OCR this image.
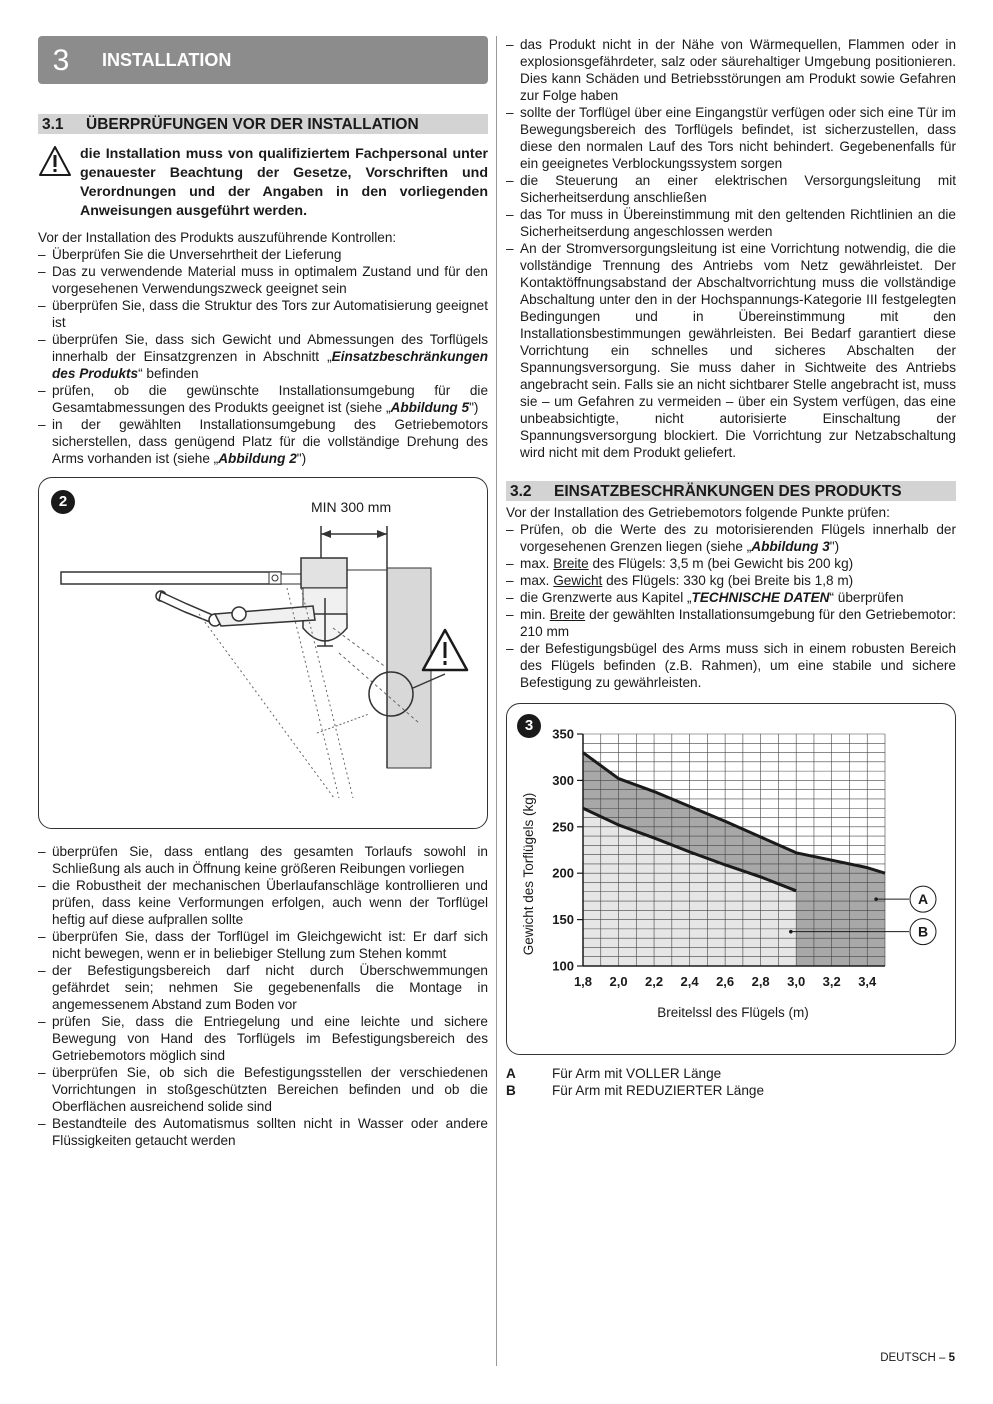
3	INSTALLATION
3.1	ÜBERPRÜFUNGEN VOR DER INSTALLATION
die Installation muss von qualifiziertem Fachpersonal unter genauester Beachtung der Gesetze, Vorschriften und Verordnungen und der Angaben in den vorliegenden Anweisungen ausgeführt werden.

Vor der Installation des Produkts auszuführende Kontrollen:

– Überprüfen Sie die Unversehrtheit der Lieferung
– Das zu verwendende Material muss in optimalem Zustand und für den vorgesehenen Verwendungszweck geeignet sein
– überprüfen Sie, dass die Struktur des Tors zur Automatisierung geeignet ist
– überprüfen Sie, dass sich Gewicht und Abmessungen des Torflügels innerhalb der Einsatzgrenzen in Abschnitt „Einsatzbeschränkungen des Produkts“ befinden
– prüfen, ob die gewünschte Installationsumgebung für die Gesamtabmessungen des Produkts geeignet ist (siehe „Abbildung 5")
– in der gewählten Installationsumgebung des Getriebemotors sicherstellen, dass genügend Platz für die vollständige Drehung des Arms vorhanden ist (siehe „Abbildung 2")
2	MIN 300 mm
– überprüfen Sie, dass entlang des gesamten Torlaufs sowohl in Schließung als auch in Öffnung keine größeren Reibungen vorliegen
– die Robustheit der mechanischen Überlaufanschläge kontrollieren und prüfen, dass keine Verformungen erfolgen, auch wenn der Torflügel heftig auf diese aufprallen sollte
– überprüfen Sie, dass der Torflügel im Gleichgewicht ist: Er darf sich nicht bewegen, wenn er in beliebiger Stellung zum Stehen kommt
– der Befestigungsbereich darf nicht durch Überschwemmungen gefährdet sein; nehmen Sie gegebenenfalls die Montage in angemessenem Abstand zum Boden vor
– prüfen Sie, dass die Entriegelung und eine leichte und sichere Bewegung von Hand des Torflügels im Befestigungsbereich des Getriebemotors möglich sind
– überprüfen Sie, ob sich die Befestigungsstellen der verschiedenen Vorrichtungen in stoßgeschützten Bereichen befinden und ob die Oberflächen ausreichend solide sind
– Bestandteile des Automatismus sollten nicht in Wasser oder andere Flüssigkeiten getaucht werden
– das Produkt nicht in der Nähe von Wärmequellen, Flammen oder in explosionsgefährdeter, salz oder säurehaltiger Umgebung positionieren. Dies kann Schäden und Betriebsstörungen am Produkt sowie Gefahren zur Folge haben
– sollte der Torflügel über eine Eingangstür verfügen oder sich eine Tür im Bewegungsbereich des Torflügels befindet, ist sicherzustellen, dass diese den normalen Lauf des Tors nicht behindert. Gegebenenfalls für ein geeignetes Verblockungssystem sorgen
– die Steuerung an einer elektrischen Versorgungsleitung mit Sicherheitserdung anschließen
– das Tor muss in Übereinstimmung mit den geltenden Richtlinien an die Sicherheitserdung angeschlossen werden
– An der Stromversorgungsleitung ist eine Vorrichtung notwendig, die die vollständige Trennung des Antriebs vom Netz gewährleistet. Der Kontaktöffnungsabstand der Abschaltvorrichtung muss die vollständige Abschaltung unter den in der Hochspannungs-Kategorie III festgelegten Bedingungen und in Übereinstimmung mit den Installationsbestimmungen gewährleisten. Bei Bedarf garantiert diese Vorrichtung ein schnelles und sicheres Abschalten der Spannungsversorgung. Sie muss daher in Sichtweite des Antriebs angebracht sein. Falls sie an nicht sichtbarer Stelle angebracht ist, muss sie – um Gefahren zu vermeiden – über ein System verfügen, das eine unbeabsichtigte, nicht autorisierte Einschaltung der Spannungsversorgung blockiert. Die Vorrichtung zur Netzabschaltung wird nicht mit dem Produkt geliefert.
3.2	EINSATZBESCHRÄNKUNGEN DES PRODUKTS

Vor der Installation des Getriebemotors folgende Punkte prüfen:

– Prüfen, ob die Werte des zu motorisierenden Flügels innerhalb der vorgesehenen Grenzen liegen (siehe „Abbildung 3")
– max. Breite des Flügels: 3,5 m (bei Gewicht bis 200 kg)
– max. Gewicht des Flügels: 330 kg (bei Breite bis 1,8 m)
– die Grenzwerte aus Kapitel „TECHNISCHE DATEN“ überprüfen
– min. Breite der gewählten Installationsumgebung für den Getriebemotor: 210 mm
– der Befestigungsbügel des Arms muss sich in einem robusten Bereich des Flügels befinden (z.B. Rahmen), um eine stabile und sichere Befestigung zu gewährleisten.
3
1,8 2,0 2,2 2,4 2,6 2,8 3,0 3,2 3,4
100
150
200
250
300
350
A
B
Gewicht des Torflügels (kg)
Breitelssl des Flügels (m)
A	Für Arm mit VOLLER Länge
B	Für Arm mit REDUZIERTER Länge
DEUTSCH – 5
